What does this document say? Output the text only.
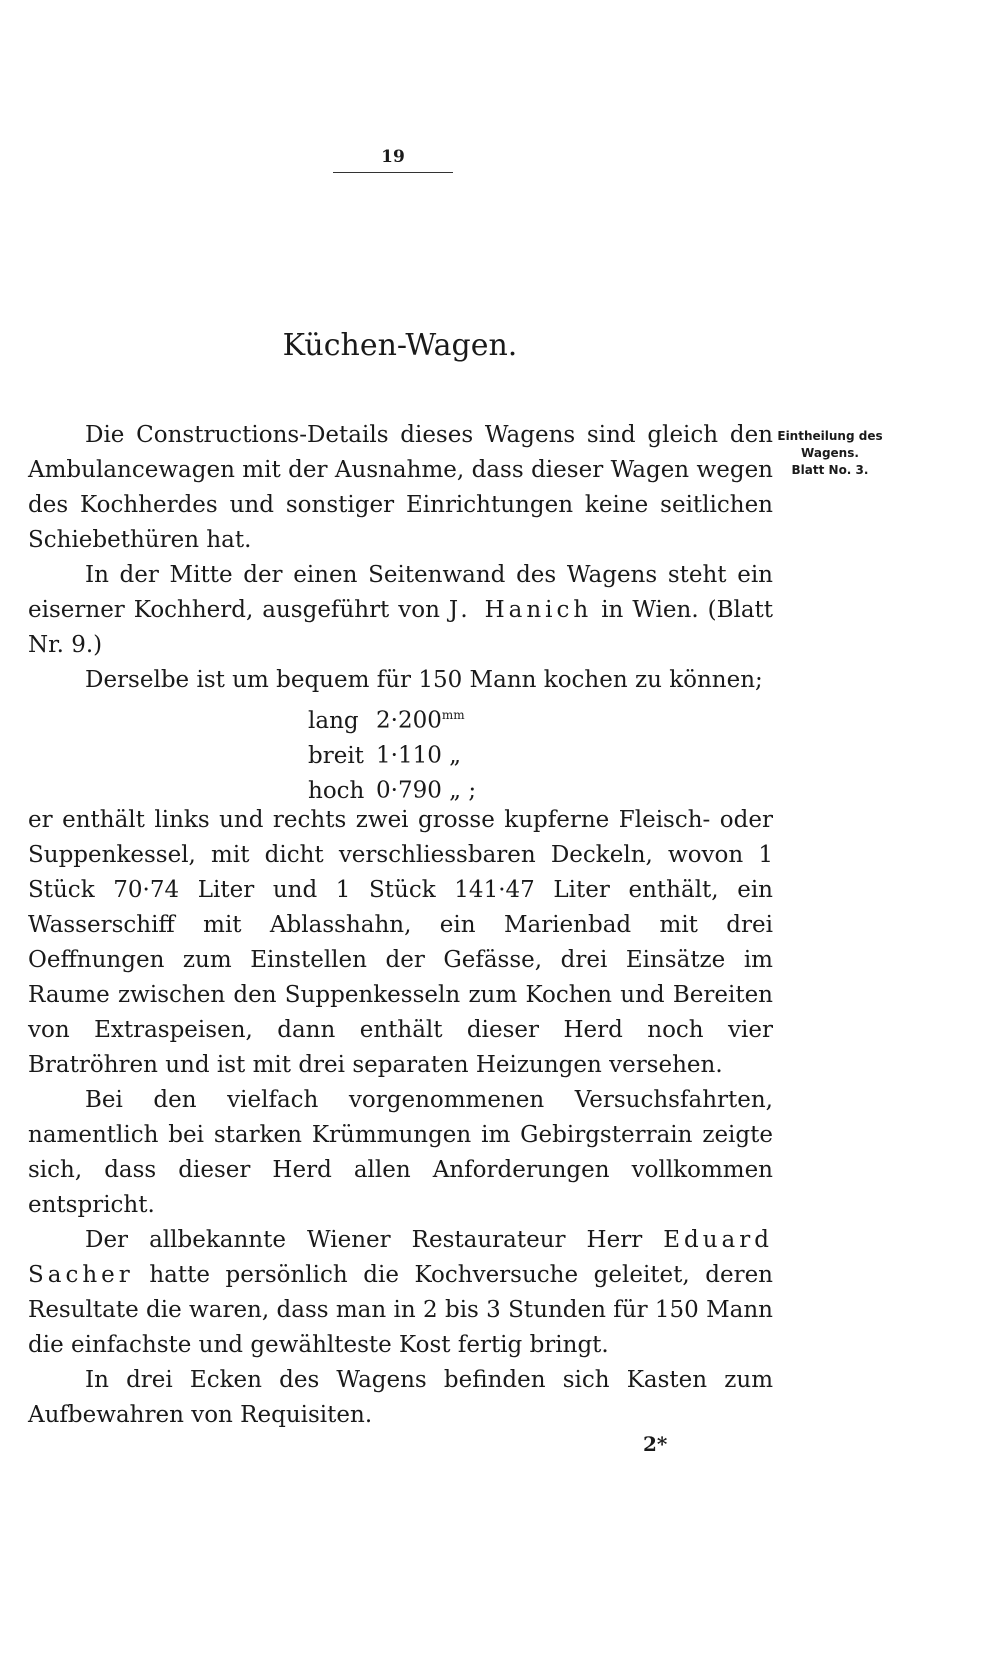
19
Küchen-Wagen.
Eintheilung des Wagens.
Blatt No. 3.

Die Constructions-Details dieses Wagens sind gleich den Ambulancewagen mit der Ausnahme, dass dieser Wagen wegen des Kochherdes und sonstiger Einrichtungen keine seitlichen Schiebethüren hat.

In der Mitte der einen Seitenwand des Wagens steht ein eiserner Kochherd, ausgeführt von J. Hanich in Wien. (Blatt Nr. 9.)

Derselbe ist um bequem für 150 Mann kochen zu können;

lang $2\cdot 200^{mm}$
breit 1·110 „
hoch 0·790 „ ;

er enthält links und rechts zwei grosse kupferne Fleisch- oder Suppenkessel, mit dicht verschliessbaren Deckeln, wovon 1 Stück 70·74 Liter und 1 Stück 141·47 Liter enthält, ein Wasserschiff mit Ablasshahn, ein Marienbad mit drei Oeffnungen zum Einstellen der Gefässe, drei Einsätze im Raume zwischen den Suppenkesseln zum Kochen und Bereiten von Extraspeisen, dann enthält dieser Herd noch vier Bratröhren und ist mit drei separaten Heizungen versehen.

Bei den vielfach vorgenommenen Versuchsfahrten, namentlich bei starken Krümmungen im Gebirgsterrain zeigte sich, dass dieser Herd allen Anforderungen vollkommen entspricht.

Der allbekannte Wiener Restaurateur Herr Eduard Sacher hatte persönlich die Kochversuche geleitet, deren Resultate die waren, dass man in 2 bis 3 Stunden für 150 Mann die einfachste und gewählteste Kost fertig bringt.

In drei Ecken des Wagens befinden sich Kasten zum Aufbewahren von Requisiten.

2*
